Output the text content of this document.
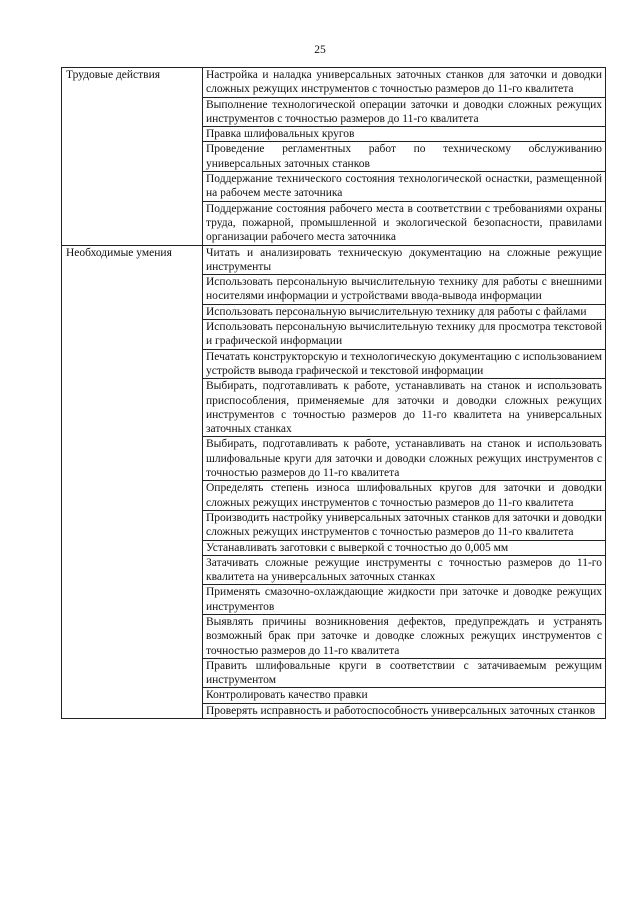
25
Трудовые действия	Настройка и наладка универсальных заточных станков для заточки и доводки сложных режущих инструментов с точностью размеров до 11-го квалитета
	Выполнение технологической операции заточки и доводки сложных режущих инструментов с точностью размеров до 11-го квалитета
	Правка шлифовальных кругов
	Проведение регламентных работ по техническому обслуживанию универсальных заточных станков
	Поддержание технического состояния технологической оснастки, размещенной на рабочем месте заточника
	Поддержание состояния рабочего места в соответствии с требованиями охраны труда, пожарной, промышленной и экологической безопасности, правилами организации рабочего места заточника
Необходимые умения	Читать и анализировать техническую документацию на сложные режущие инструменты
	Использовать персональную вычислительную технику для работы с внешними носителями информации и устройствами ввода-вывода информации
	Использовать персональную вычислительную технику для работы с файлами
	Использовать персональную вычислительную технику для просмотра текстовой и графической информации
	Печатать конструкторскую и технологическую документацию с использованием устройств вывода графической и текстовой информации
	Выбирать, подготавливать к работе, устанавливать на станок и использовать приспособления, применяемые для заточки и доводки сложных режущих инструментов с точностью размеров до 11-го квалитета на универсальных заточных станках
	Выбирать, подготавливать к работе, устанавливать на станок и использовать шлифовальные круги для заточки и доводки сложных режущих инструментов с точностью размеров до 11-го квалитета
	Определять степень износа шлифовальных кругов для заточки и доводки сложных режущих инструментов с точностью размеров до 11-го квалитета
	Производить настройку универсальных заточных станков для заточки и доводки сложных режущих инструментов с точностью размеров до 11-го квалитета
	Устанавливать заготовки с выверкой с точностью до 0,005 мм
	Затачивать сложные режущие инструменты с точностью размеров до 11-го квалитета на универсальных заточных станках
	Применять смазочно-охлаждающие жидкости при заточке и доводке режущих инструментов
	Выявлять причины возникновения дефектов, предупреждать и устранять возможный брак при заточке и доводке сложных режущих инструментов с точностью размеров до 11-го квалитета
	Править шлифовальные круги в соответствии с затачиваемым режущим инструментом
	Контролировать качество правки
	Проверять исправность и работоспособность универсальных заточных станков
